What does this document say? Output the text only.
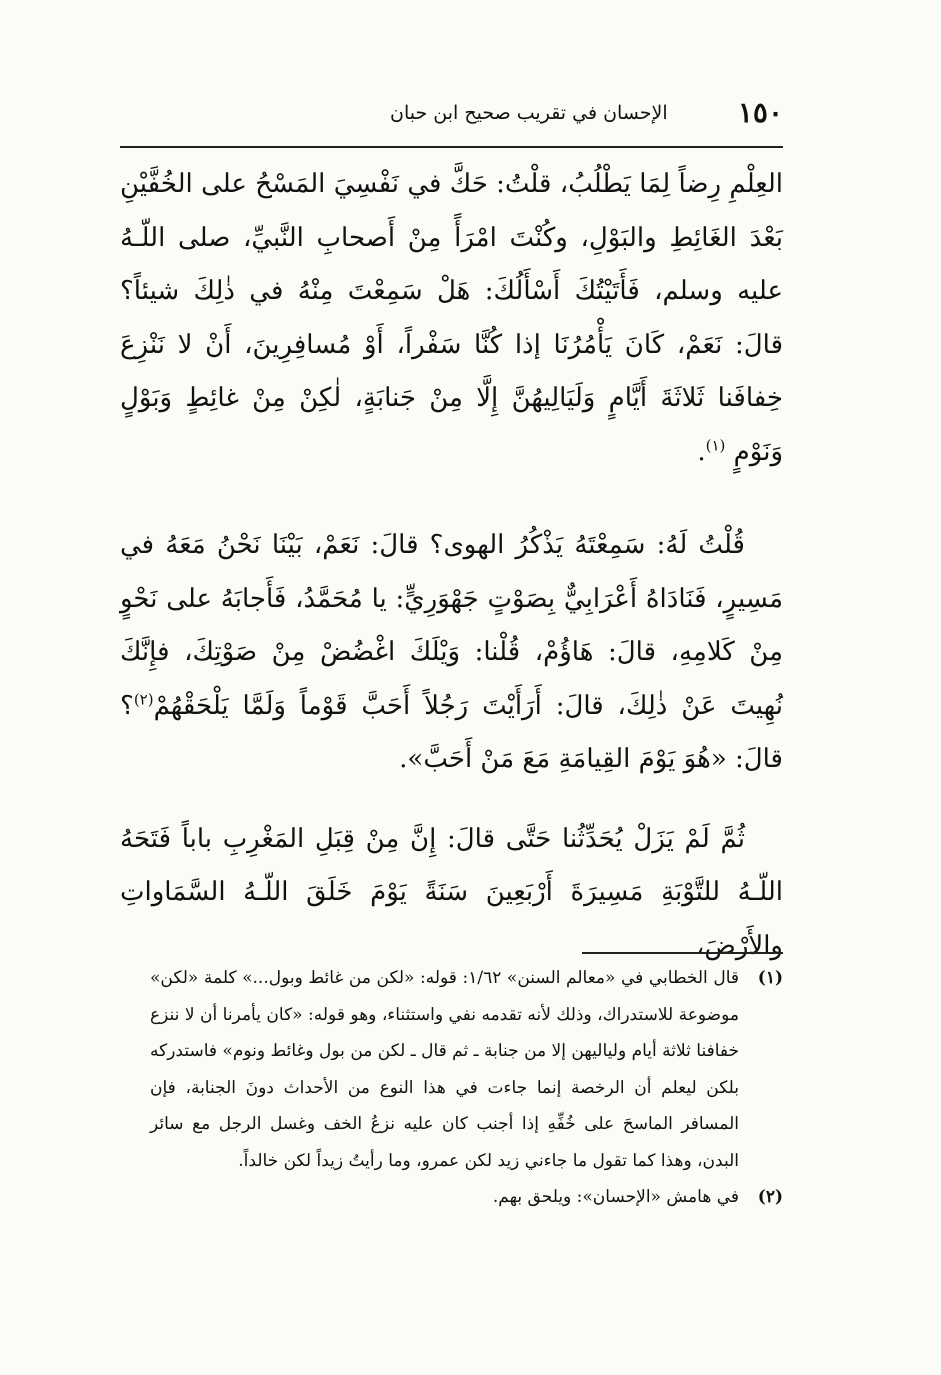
١٥٠
الإحسان في تقريب صحيح ابن حبان

العِلْمِ رِضاً لِمَا يَطْلُبُ، قلْتُ: حَكَّ في نَفْسِيَ المَسْحُ على الخُفَّيْنِ بَعْدَ الغَائِطِ والبَوْلِ، وكُنْتَ امْرَأً مِنْ أَصحابِ النَّبيِّ، صلى اللّـهُ عليه وسلم، فَأَتَيْتُكَ أَسْأَلُكَ: هَلْ سَمِعْتَ مِنْهُ في ذٰلِكَ شيئاً؟ قالَ: نَعَمْ، كَانَ يَأْمُرُنَا إذا كُنَّا سَفْراً، أَوْ مُسافِرِينَ، أَنْ لا نَنْزِعَ خِفافَنا ثَلاثَةَ أَيَّامٍ وَلَيَالِيهُنَّ إِلَّا مِنْ جَنابَةٍ، لٰكِنْ مِنْ غائِطٍ وَبَوْلٍ وَنَوْمٍ $^{(١)}$.

قُلْتُ لَهُ: سَمِعْتَهُ يَذْكُرُ الهوى؟ قالَ: نَعَمْ، بَيْنَا نَحْنُ مَعَهُ في مَسِيرٍ، فَنَادَاهُ أَعْرَابِيٌّ بِصَوْتٍ جَهْوَرِيٍّ: يا مُحَمَّدُ، فَأَجابَهُ على نَحْوٍ مِنْ كَلامِهِ، قالَ: هَاؤُمْ، قُلْنا: وَيْلَكَ اغْضُضْ مِنْ صَوْتِكَ، فإِنَّكَ نُهِيتَ عَنْ ذٰلِكَ، قالَ: أَرَأَيْتَ رَجُلاً أَحَبَّ قَوْماً وَلَمَّا يَلْحَقْهُمْ$^{(٢)}$؟ قالَ: «هُوَ يَوْمَ القِيامَةِ مَعَ مَنْ أَحَبَّ».

ثُمَّ لَمْ يَزَلْ يُحَدِّثُنا حَتَّى قالَ: إِنَّ مِنْ قِبَلِ المَغْرِبِ باباً فَتَحَهُ اللّـهُ للتَّوْبَةِ مَسِيرَةَ أَرْبَعِينَ سَنَةً يَوْمَ خَلَقَ اللّـهُ السَّمَاواتِ والأَرْضَ،

(١)
قال الخطابي في «معالم السنن» ١/٦٢: قوله: «لكن من غائط وبول...» كلمة «لكن» موضوعة للاستدراك، وذلك لأنه تقدمه نفي واستثناء، وهو قوله: «كان يأمرنا أن لا ننزع خفافنا ثلاثة أيام ولياليهن إلا من جنابة ـ ثم قال ـ لكن من بول وغائط ونوم» فاستدركه بلكن ليعلم أن الرخصة إنما جاءت في هذا النوع من الأحداث دونَ الجنابة، فإن المسافر الماسحَ على خُفِّهِ إذا أجنب كان عليه نزعُ الخف وغسل الرجل مع سائر البدن، وهذا كما تقول ما جاءني زيد لكن عمرو، وما رأيتُ زيداً لكن خالداً.

(٢)
في هامش «الإحسان»: ويلحق بهم.
